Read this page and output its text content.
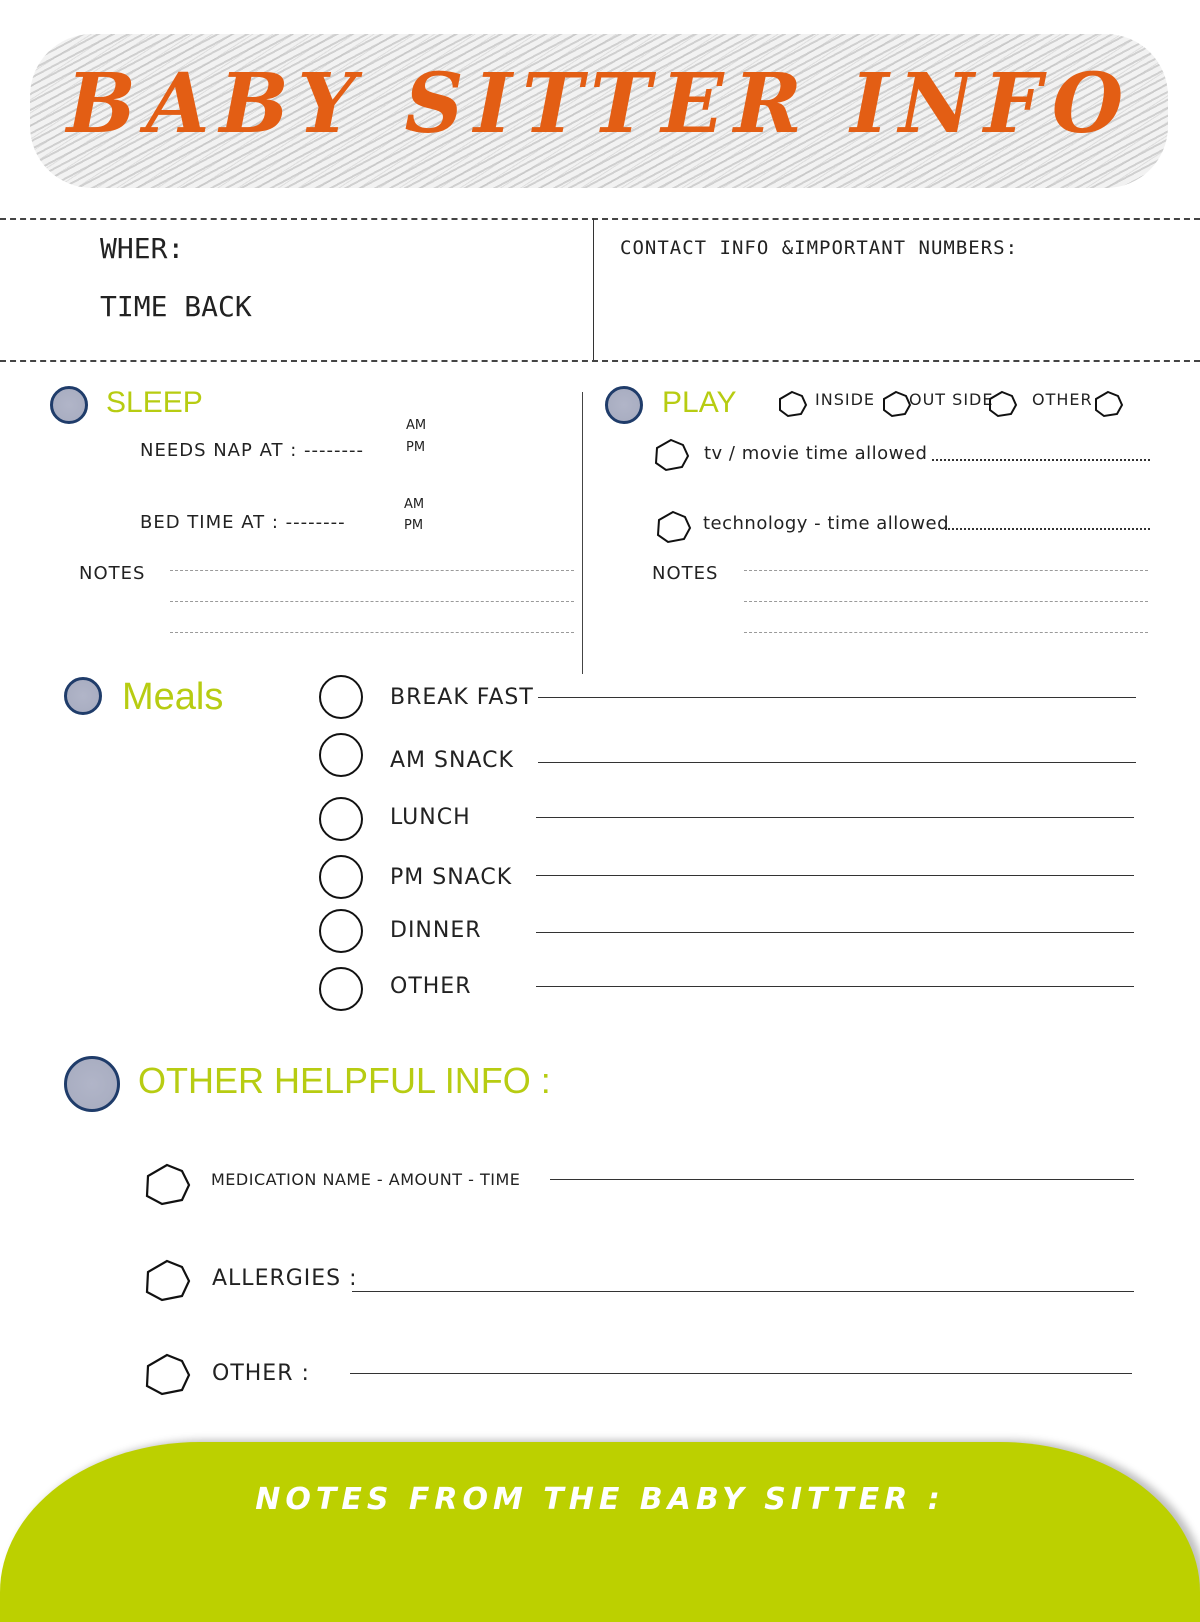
BABY SITTER INFO
WHER:
TIME BACK
CONTACT INFO &IMPORTANT NUMBERS:
SLEEP
NEEDS NAP AT : --------
AM
PM
BED TIME AT : --------
AM
PM
NOTES
PLAY	INSIDE OUT SIDE OTHER
tv / movie time allowed
technology - time allowed
NOTES
Meals	BREAK FAST
AM SNACK
LUNCH
PM SNACK
DINNER
OTHER
OTHER HELPFUL INFO :
MEDICATION NAME - AMOUNT - TIME
ALLERGIES :
OTHER :
NOTES FROM THE BABY SITTER :
